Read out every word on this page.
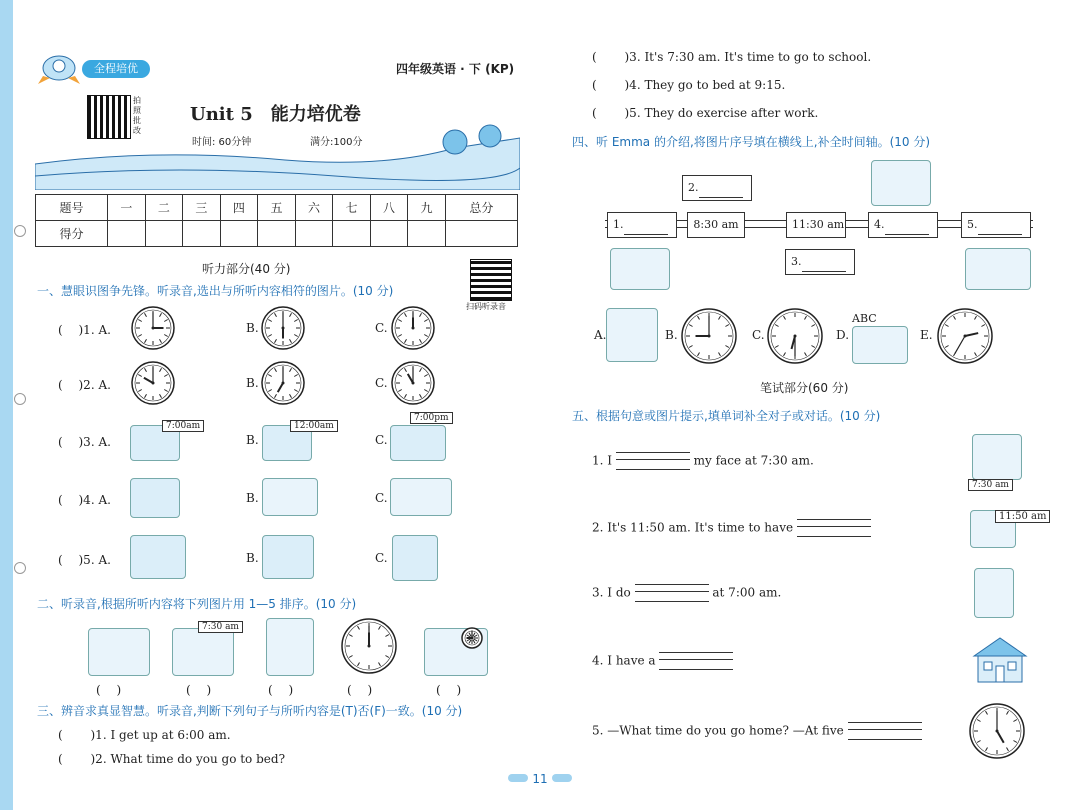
全程培优	四年级英语 · 下 (KP)
拍照批改
Unit 5　能力培优卷
时间: 60分钟	满分:100分
题号	一	二	三	四	五	六	七	八	九	总分
得分										
听力部分(40 分)
扫码听录音
一、慧眼识图争先锋。听录音,选出与所听内容相符的图片。(10 分)
(　 )1. A.
(　 )2. A.
(　 )3. A.
(　 )4. A.
(　 )5. A.
B.
B.
B.
B.
B.
C.
C.
C.
C.
C.
7:00am	12:00am
7:00pm
二、听录音,根据所听内容将下列图片用 1—5 排序。(10 分)
7:30 am
(　 )	(　 )	(　 )	(　 )	(　 )
三、辨音求真显智慧。听录音,判断下列句子与所听内容是(T)否(F)一致。(10 分)
(　　 )1. I get up at 6:00 am.
(　　 )2. What time do you go to bed?
(　　 )3. It's 7:30 am. It's time to go to school.
(　　 )4. They go to bed at 9:15.
(　　 )5. They do exercise after work.
四、听 Emma 的介绍,将图片序号填在横线上,补全时间轴。(10 分)
1.
2.
8:30 am	11:30 am
3.
4.	5.
A.	B.	C.	D.
ABC
E.
笔试部分(60 分)
五、根据句意或图片提示,填单词补全对子或对话。(10 分)
1. I	my face at 7:30 am.
2. It's 11:50 am. It's time to have
3. I do	at 7:00 am.
4. I have a
5. —What time do you go home? —At five
7:30 am
11:50 am
11
